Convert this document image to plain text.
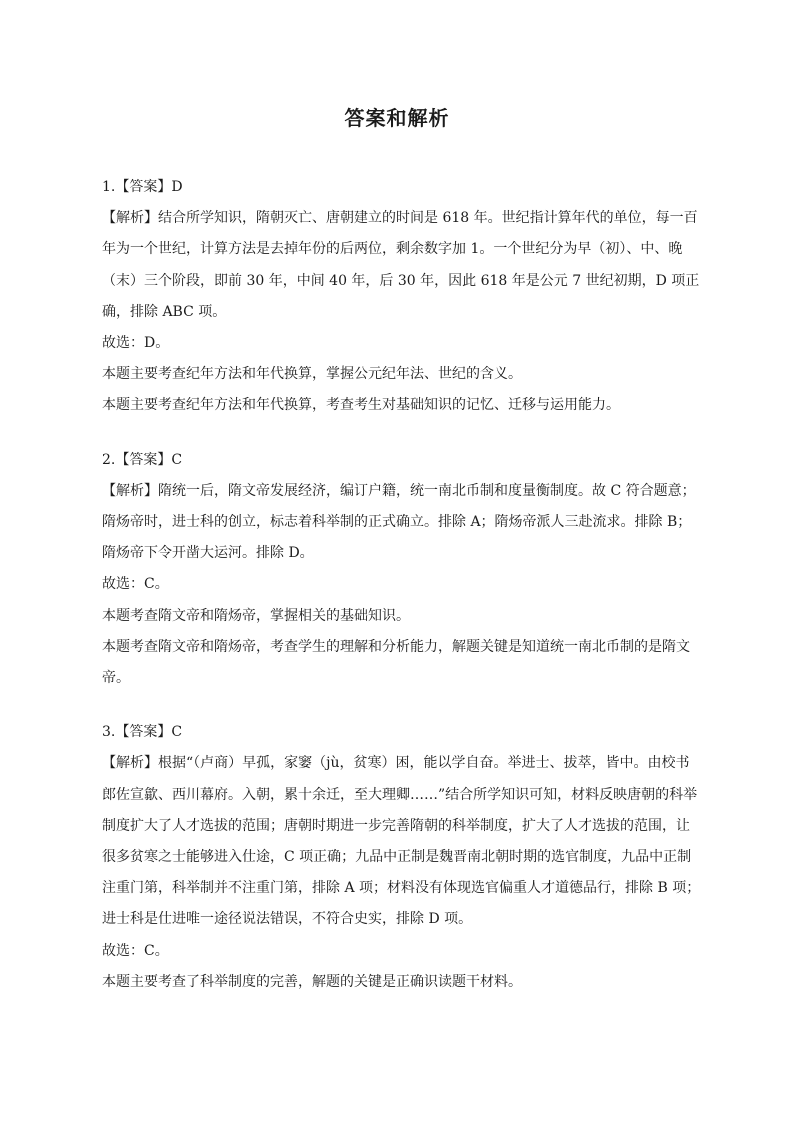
答案和解析
1.【答案】D
【解析】结合所学知识，隋朝灭亡、唐朝建立的时间是 618 年。世纪指计算年代的单位，每一百年为一个世纪，计算方法是去掉年份的后两位，剩余数字加 1。一个世纪分为早（初）、中、晚（末）三个阶段，即前 30 年，中间 40 年，后 30 年，因此 618 年是公元 7 世纪初期，D 项正确，排除 ABC 项。
故选：D。
本题主要考查纪年方法和年代换算，掌握公元纪年法、世纪的含义。
本题主要考查纪年方法和年代换算，考查考生对基础知识的记忆、迁移与运用能力。
2.【答案】C
【解析】隋统一后，隋文帝发展经济，编订户籍，统一南北币制和度量衡制度。故 C 符合题意；隋炀帝时，进士科的创立，标志着科举制的正式确立。排除 A；隋炀帝派人三赴流求。排除 B；隋炀帝下令开凿大运河。排除 D。
故选：C。
本题考查隋文帝和隋炀帝，掌握相关的基础知识。
本题考查隋文帝和隋炀帝，考查学生的理解和分析能力，解题关键是知道统一南北币制的是隋文帝。
3.【答案】C
【解析】根据“（卢商）早孤，家窭（jù，贫寒）困，能以学自奋。举进士、拔萃，皆中。由校书郎佐宣歙、西川幕府。入朝，累十余迁，至大理卿……”结合所学知识可知，材料反映唐朝的科举制度扩大了人才选拔的范围；唐朝时期进一步完善隋朝的科举制度，扩大了人才选拔的范围，让很多贫寒之士能够进入仕途，C 项正确；九品中正制是魏晋南北朝时期的选官制度，九品中正制注重门第，科举制并不注重门第，排除 A 项；材料没有体现选官偏重人才道德品行，排除 B 项；进士科是仕进唯一途径说法错误，不符合史实，排除 D 项。
故选：C。
本题主要考查了科举制度的完善，解题的关键是正确识读题干材料。
